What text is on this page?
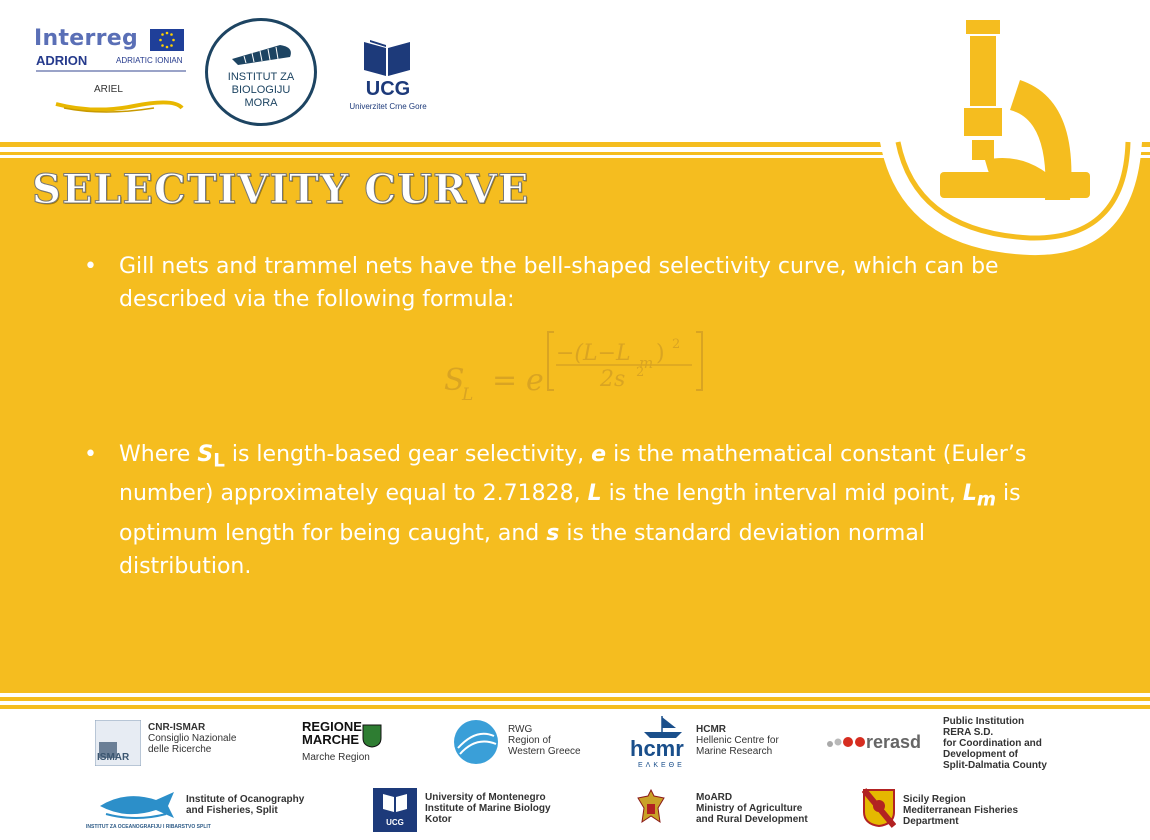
Interreg
ADRION	ADRIATIC IONIAN
ARIEL
INSTITUT ZA
BIOLOGIJU
MORA
UCG
Univerzitet Crne Gore
SELECTIVITY CURVE
• Gill nets and trammel nets have the bell-shaped selectivity curve, which can be described via the following formula:
S
L = e
−(L−L m ) 2
2s 2
• Where $S_L$ is length-based gear selectivity, e is the mathematical constant (Euler’s number) approximately equal to 2.71828, L is the length interval mid point, $L_m$ is optimum length for being caught, and s is the standard deviation normal distribution.
ISMAR
CNR-ISMAR
Consiglio Nazionale
delle Ricerche
REGIONE
MARCHE
Marche Region
RWG
Region of
Western Greece hcmr
ΕΛΚΕΘΕ
HCMR
Hellenic Centre for
Marine Research	rerasd
Public Institution
RERA S.D.
for Coordination and
Development of
Split-Dalmatia County
INSTITUT ZA OCEANOGRAFIJU I RIBARSTVO SPLIT
Institute of Ocanography
and Fisheries, Split
UCG
University of Montenegro
Institute of Marine Biology
Kotor
MoARD
Ministry of Agriculture
and Rural Development
Sicily Region
Mediterranean Fisheries
Department
